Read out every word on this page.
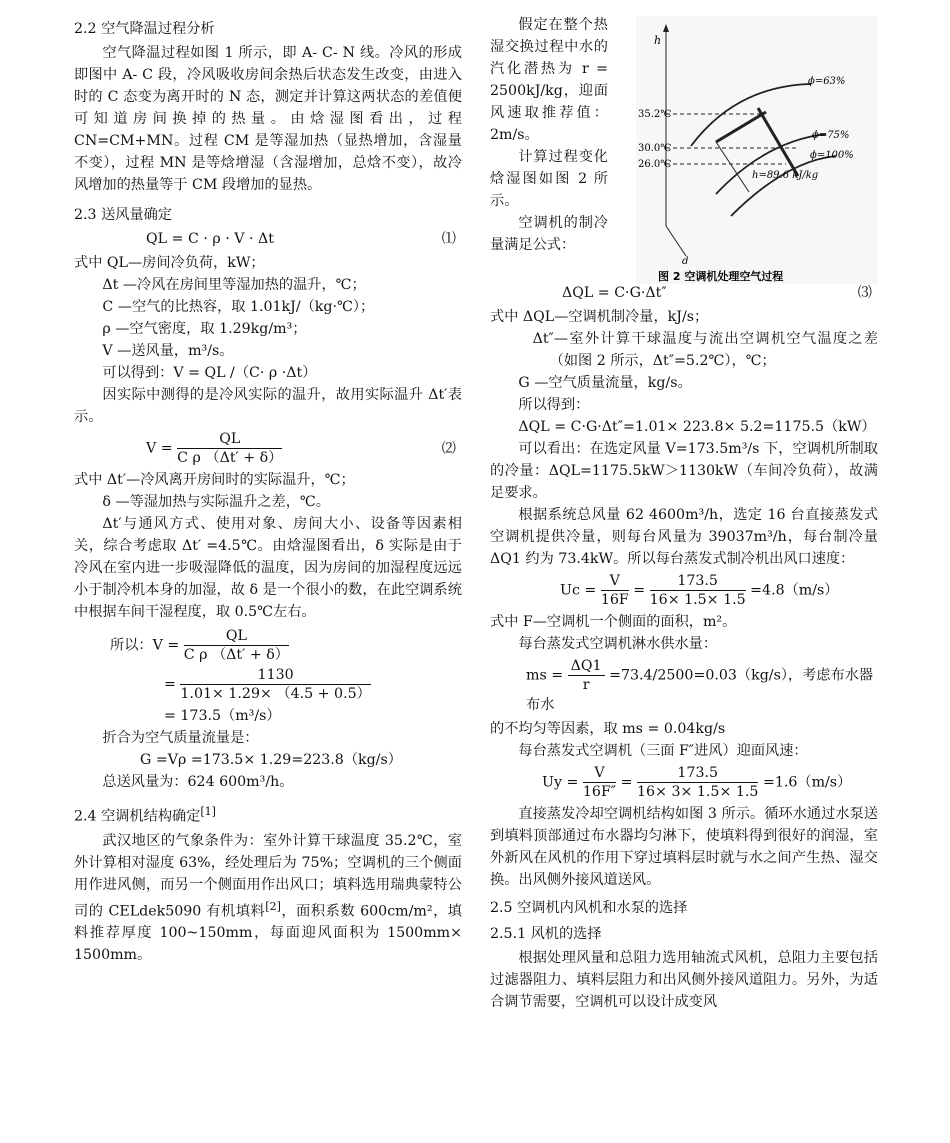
2.2 空气降温过程分析

空气降温过程如图 1 所示，即 A- C- N 线。冷风的形成即图中 A- C 段，冷风吸收房间余热后状态发生改变，由进入时的 C 态变为离开时的 N 态，测定并计算这两状态的差值便可知道房间换掉的热量。由焓湿图看出，过程 CN=CM+MN。过程 CM 是等湿加热（显热增加，含湿量不变），过程 MN 是等焓增湿（含湿增加，总焓不变），故冷风增加的热量等于 CM 段增加的显热。

2.3 送风量确定

QL = C · ρ · V · Δt	⑴

式中 QL—房间冷负荷，kW；

Δt —冷风在房间里等湿加热的温升，℃；

C —空气的比热容，取 1.01kJ/（kg·℃）；

ρ —空气密度，取 1.29kg/m³；

V —送风量，m³/s。

可以得到：V = QL /（C· ρ ·Δt）

因实际中测得的是冷风实际的温升，故用实际温升 Δt′表示。

$V = \frac{QL}{\text{C ρ （Δt′ + δ）}}$	⑵

式中 Δt′—冷风离开房间时的实际温升，℃；

δ —等湿加热与实际温升之差，℃。

Δt′与通风方式、使用对象、房间大小、设备等因素相关，综合考虑取 Δt′ =4.5℃。由焓湿图看出，δ 实际是由于冷风在室内进一步吸湿降低的温度，因为房间的加湿程度远远小于制冷机本身的加湿，故 δ 是一个很小的数，在此空调系统中根据车间干湿程度，取 0.5℃左右。

所以：$V = \frac{QL}{\text{C ρ （Δt′ + δ）}}$
= $\frac{1130}{1.01\times 1.29\times (4.5 + 0.5)}$

= 173.5（m³/s）

折合为空气质量流量是：

G =Vρ =173.5× 1.29=223.8（kg/s）

总送风量为：624 600m³/h。

2.4 空调机结构确定[1]

武汉地区的气象条件为：室外计算干球温度 35.2℃，室外计算相对湿度 63%，经处理后为 75%；空调机的三个侧面用作进风侧，而另一个侧面用作出风口；填料选用瑞典蒙特公司的 CELdek5090 有机填料[2]，面积系数 600cm/m²，填料推荐厚度 100~150mm，每面迎风面积为 1500mm× 1500mm。

假定在整个热湿交换过程中水的汽化潜热为 r = 2500kJ/kg，迎面风速取推荐值：2m/s。

计算过程变化焓湿图如图 2 所示。

空调机的制冷量满足公式：

h
d
35.2℃
30.0℃
26.0℃
ϕ=63%
ϕ=75%
ϕ=100%
h=89.6 kJ/kg
图 2 空调机处理空气过程
ΔQL = C·G·Δt″	⑶

式中 ΔQL—空调机制冷量，kJ/s；

Δt″—室外计算干球温度与流出空调机空气温度之差（如图 2 所示，Δt″=5.2℃），℃；

G —空气质量流量，kg/s。

所以得到：

ΔQL = C·G·Δt″=1.01× 223.8× 5.2=1175.5（kW）

可以看出：在选定风量 V=173.5m³/s 下，空调机所制取的冷量：ΔQL=1175.5kW＞1130kW（车间冷负荷），故满足要求。

根据系统总风量 62 4600m³/h，选定 16 台直接蒸发式空调机提供冷量，则每台风量为 39037m³/h，每台制冷量 ΔQ1 约为 73.4kW。所以每台蒸发式制冷机出风口速度：

$Uc = \frac{V}{16F} = \frac{173.5}{16\times 1.5\times 1.5} =4.8(m/s)$

式中 F—空调机一个侧面的面积，m²。

每台蒸发式空调机淋水供水量：

ms = $\frac{\Delta Q1}{r} =73.4/2500=0.03(kg/s)$，考虑布水器布水

的不均匀等因素，取 ms = 0.04kg/s

每台蒸发式空调机（三面 F″进风）迎面风速：

$Uy = \frac{V}{16F''} = \frac{173.5}{16\times 3\times 1.5\times 1.5} =1.6(m/s)$

直接蒸发冷却空调机结构如图 3 所示。循环水通过水泵送到填料顶部通过布水器均匀淋下，使填料得到很好的润湿，室外新风在风机的作用下穿过填料层时就与水之间产生热、湿交换。出风侧外接风道送风。

2.5 空调机内风机和水泵的选择

2.5.1 风机的选择

根据处理风量和总阻力选用轴流式风机，总阻力主要包括过滤器阻力、填料层阻力和出风侧外接风道阻力。另外，为适合调节需要，空调机可以设计成变风
